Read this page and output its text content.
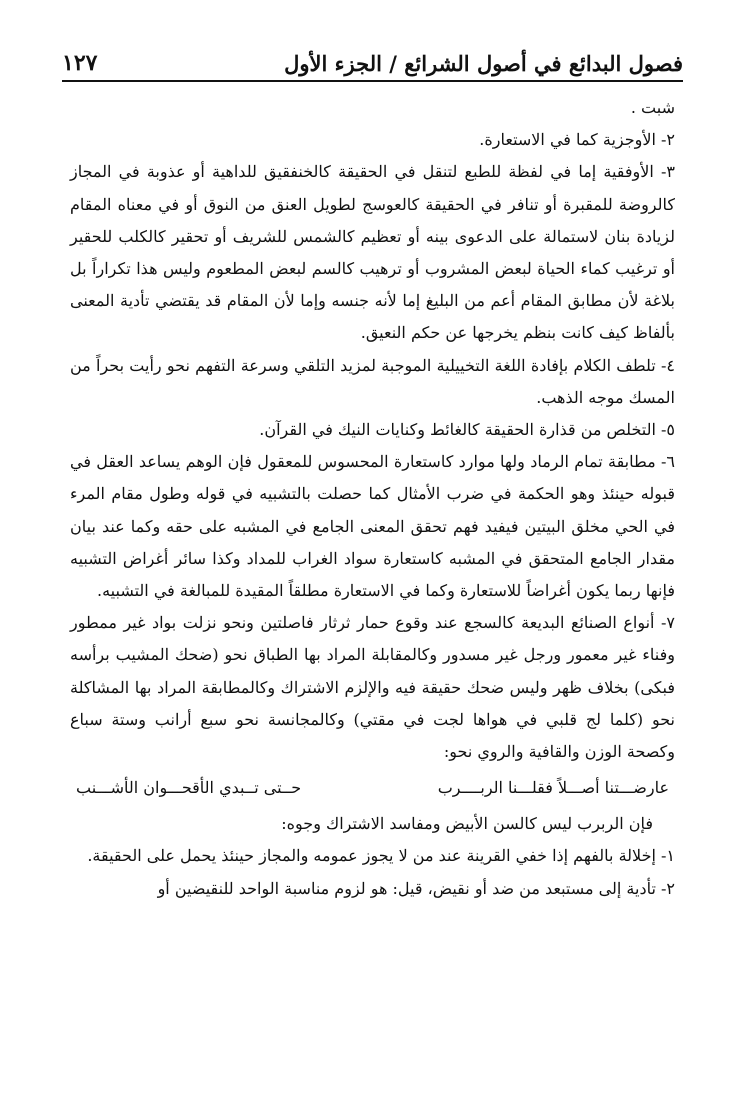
فصول البدائع في أصول الشرائع / الجزء الأول
١٢٧

شبت .

٢- الأوجزية كما في الاستعارة.

٣- الأوفقية إما في لفظة للطبع لتنقل في الحقيقة كالخنفقيق للداهية أو عذوبة في المجاز كالروضة للمقبرة أو تنافر في الحقيقة كالعوسج لطويل العنق من النوق أو في معناه المقام لزيادة بنان لاستمالة على الدعوى بينه أو تعظيم كالشمس للشريف أو تحقير كالكلب للحقير أو ترغيب كماء الحياة لبعض المشروب أو ترهيب كالسم لبعض المطعوم وليس هذا تكراراً بل بلاغة لأن مطابق المقام أعم من البليغ إما لأنه جنسه وإما لأن المقام قد يقتضي تأدية المعنى بألفاظ كيف كانت بنظم يخرجها عن حكم النعيق.

٤- تلطف الكلام بإفادة اللغة التخييلية الموجبة لمزيد التلقي وسرعة التفهم نحو رأيت بحراً من المسك موجه الذهب.

٥- التخلص من قذارة الحقيقة كالغائط وكنايات النيك في القرآن.

٦- مطابقة تمام الرماد ولها موارد كاستعارة المحسوس للمعقول فإن الوهم يساعد العقل في قبوله حينئذ وهو الحكمة في ضرب الأمثال كما حصلت بالتشبيه في قوله وطول مقام المرء في الحي مخلق البيتين فيفيد فهم تحقق المعنى الجامع في المشبه على حقه وكما عند بيان مقدار الجامع المتحقق في المشبه كاستعارة سواد الغراب للمداد وكذا سائر أغراض التشبيه فإنها ربما يكون أغراضاً للاستعارة وكما في الاستعارة مطلقاً المقيدة للمبالغة في التشبيه.

٧- أنواع الصنائع البديعة كالسجع عند وقوع حمار ثرثار فاصلتين ونحو نزلت بواد غير ممطور وفناء غير معمور ورجل غير مسدور وكالمقابلة المراد بها الطباق نحو (ضحك المشيب برأسه فبكى) بخلاف ظهر وليس ضحك حقيقة فيه والإلزم الاشتراك وكالمطابقة المراد بها المشاكلة نحو (كلما لج قلبي في هواها لجت في مقتي) وكالمجانسة نحو سبع أرانب وستة سباع وكصحة الوزن والقافية والروي نحو:

عارضـــتنا أصـــلاً فقلـــنا الربــــرب
حــتى تــبدي الأقحـــوان الأشـــنب

فإن الربرب ليس كالسن الأبيض ومفاسد الاشتراك وجوه:

١- إخلالة بالفهم إذا خفي القرينة عند من لا يجوز عمومه والمجاز حينئذ يحمل على الحقيقة.

٢- تأدية إلى مستبعد من ضد أو نقيض، قيل: هو لزوم مناسبة الواحد للنقيضين أو
